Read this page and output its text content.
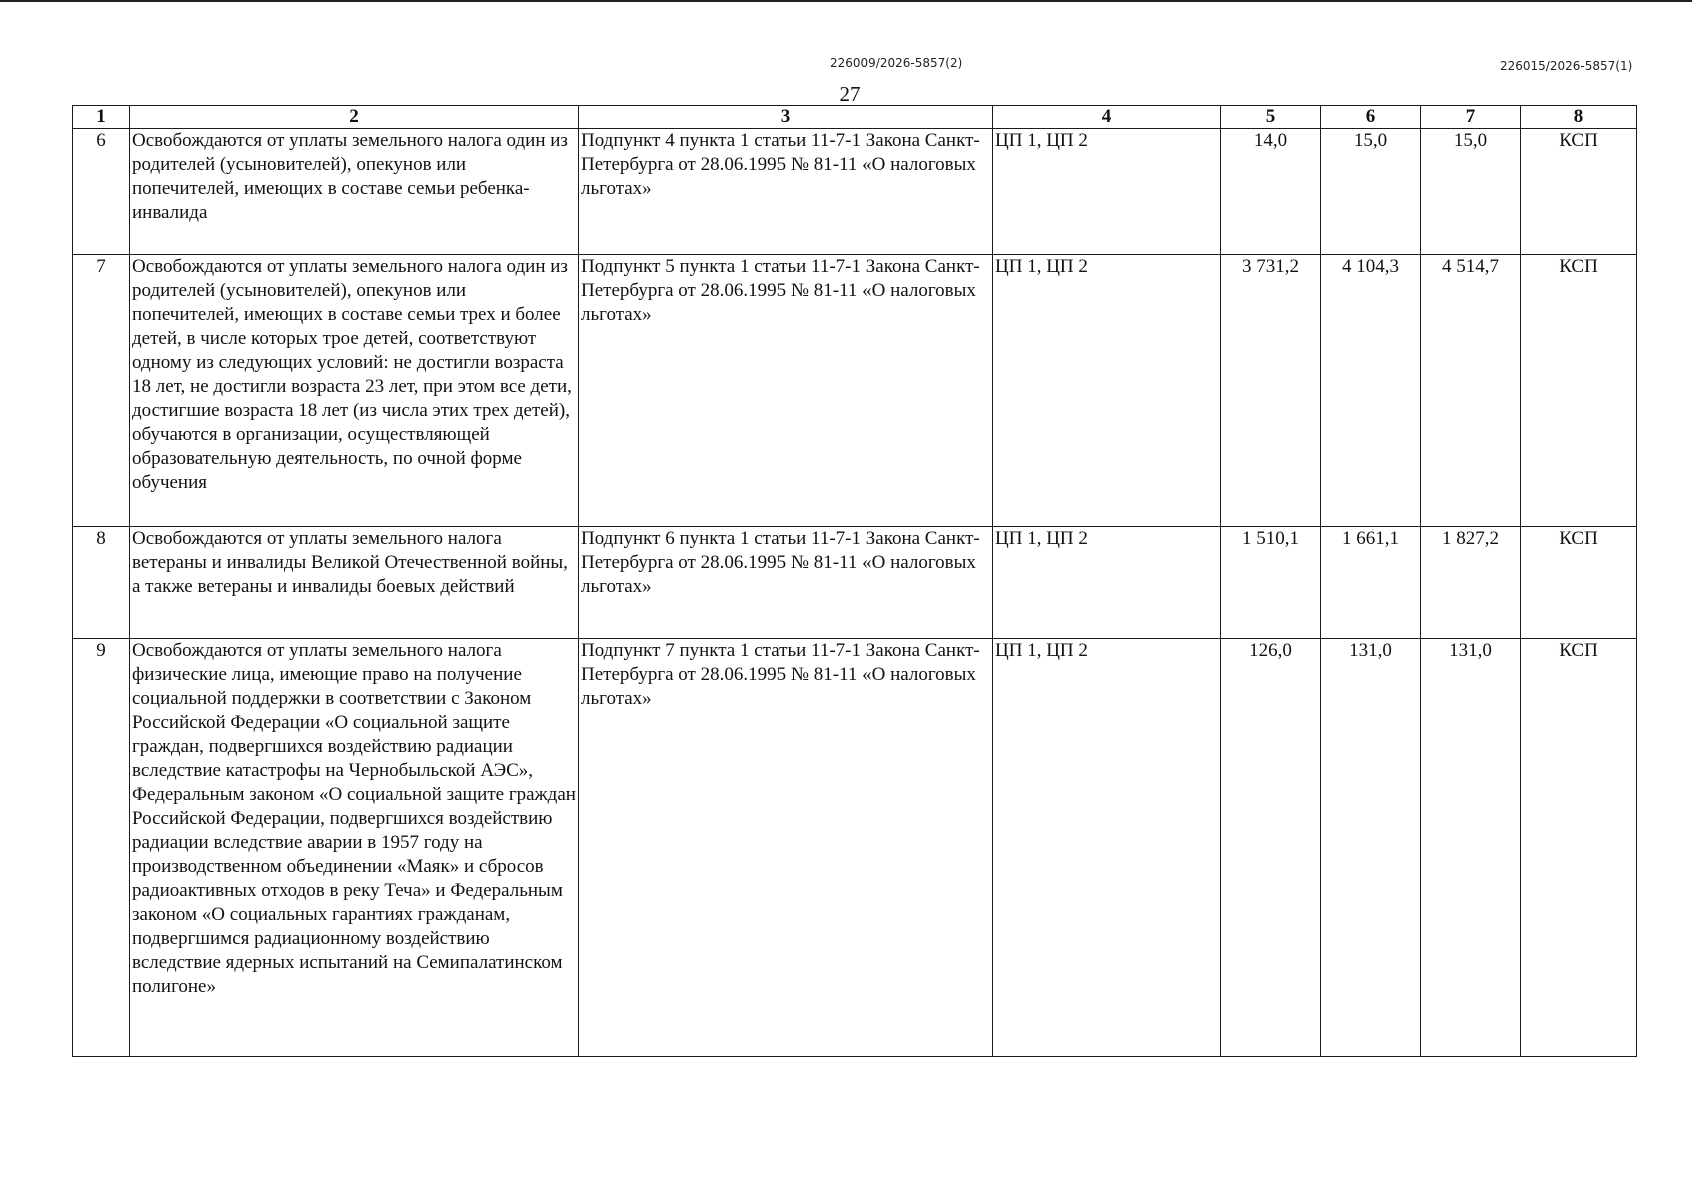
226009/2026-5857(2)	226015/2026-5857(1)
27
1	2	3	4	5	6	7	8
6	Освобождаются от уплаты земельного налога один из родителей (усыновителей), опекунов или попечителей, имеющих в составе семьи ребенка-инвалида	Подпункт 4 пункта 1 статьи 11-7-1 Закона Санкт-Петербурга от 28.06.1995 № 81-11 «О налоговых льготах»	ЦП 1, ЦП 2	14,0	15,0	15,0	КСП
7	Освобождаются от уплаты земельного налога один из родителей (усыновителей), опекунов или попечителей, имеющих в составе семьи трех и более детей, в числе которых трое детей, соответствуют одному из следующих условий: не достигли возраста 18 лет, не достигли возраста 23 лет, при этом все дети, достигшие возраста 18 лет (из числа этих трех детей), обучаются в организации, осуществляющей образовательную деятельность, по очной форме обучения	Подпункт 5 пункта 1 статьи 11-7-1 Закона Санкт-Петербурга от 28.06.1995 № 81-11 «О налоговых льготах»	ЦП 1, ЦП 2	3 731,2	4 104,3	4 514,7	КСП
8	Освобождаются от уплаты земельного налога ветераны и инвалиды Великой Отечественной войны, а также ветераны и инвалиды боевых действий	Подпункт 6 пункта 1 статьи 11-7-1 Закона Санкт-Петербурга от 28.06.1995 № 81-11 «О налоговых льготах»	ЦП 1, ЦП 2	1 510,1	1 661,1	1 827,2	КСП
9	Освобождаются от уплаты земельного налога физические лица, имеющие право на получение социальной поддержки в соответствии с Законом Российской Федерации «О социальной защите граждан, подвергшихся воздействию радиации вследствие катастрофы на Чернобыльской АЭС», Федеральным законом «О социальной защите граждан Российской Федерации, подвергшихся воздействию радиации вследствие аварии в 1957 году на производственном объединении «Маяк» и сбросов радиоактивных отходов в реку Теча» и Федеральным законом «О социальных гарантиях гражданам, подвергшимся радиационному воздействию вследствие ядерных испытаний на Семипалатинском полигоне»	Подпункт 7 пункта 1 статьи 11-7-1 Закона Санкт-Петербурга от 28.06.1995 № 81-11 «О налоговых льготах»	ЦП 1, ЦП 2	126,0	131,0	131,0	КСП
